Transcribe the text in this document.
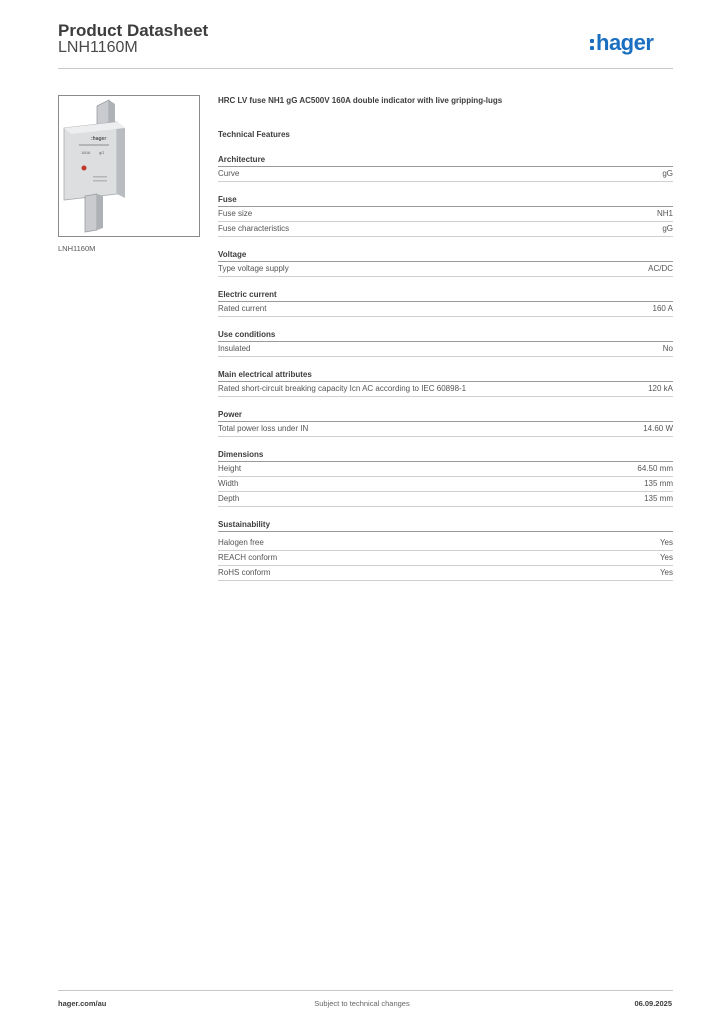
Product Datasheet
LNH1160M	hager
:hager
160A gG
LNH1160M
HRC LV fuse NH1 gG AC500V 160A double indicator with live gripping-lugs
Technical Features
Architecture
Curve	gG
Fuse
Fuse size	NH1
Fuse characteristics	gG
Voltage
Type voltage supply	AC/DC
Electric current
Rated current	160 A
Use conditions
Insulated	No
Main electrical attributes
Rated short-circuit breaking capacity Icn AC according to IEC 60898-1	120 kA
Power
Total power loss under IN	14.60 W
Dimensions
Height	64.50 mm
Width	135 mm
Depth	135 mm
Sustainability
Halogen free	Yes
REACH conform	Yes
RoHS conform	Yes
hager.com/au	Subject to technical changes	06.09.2025
